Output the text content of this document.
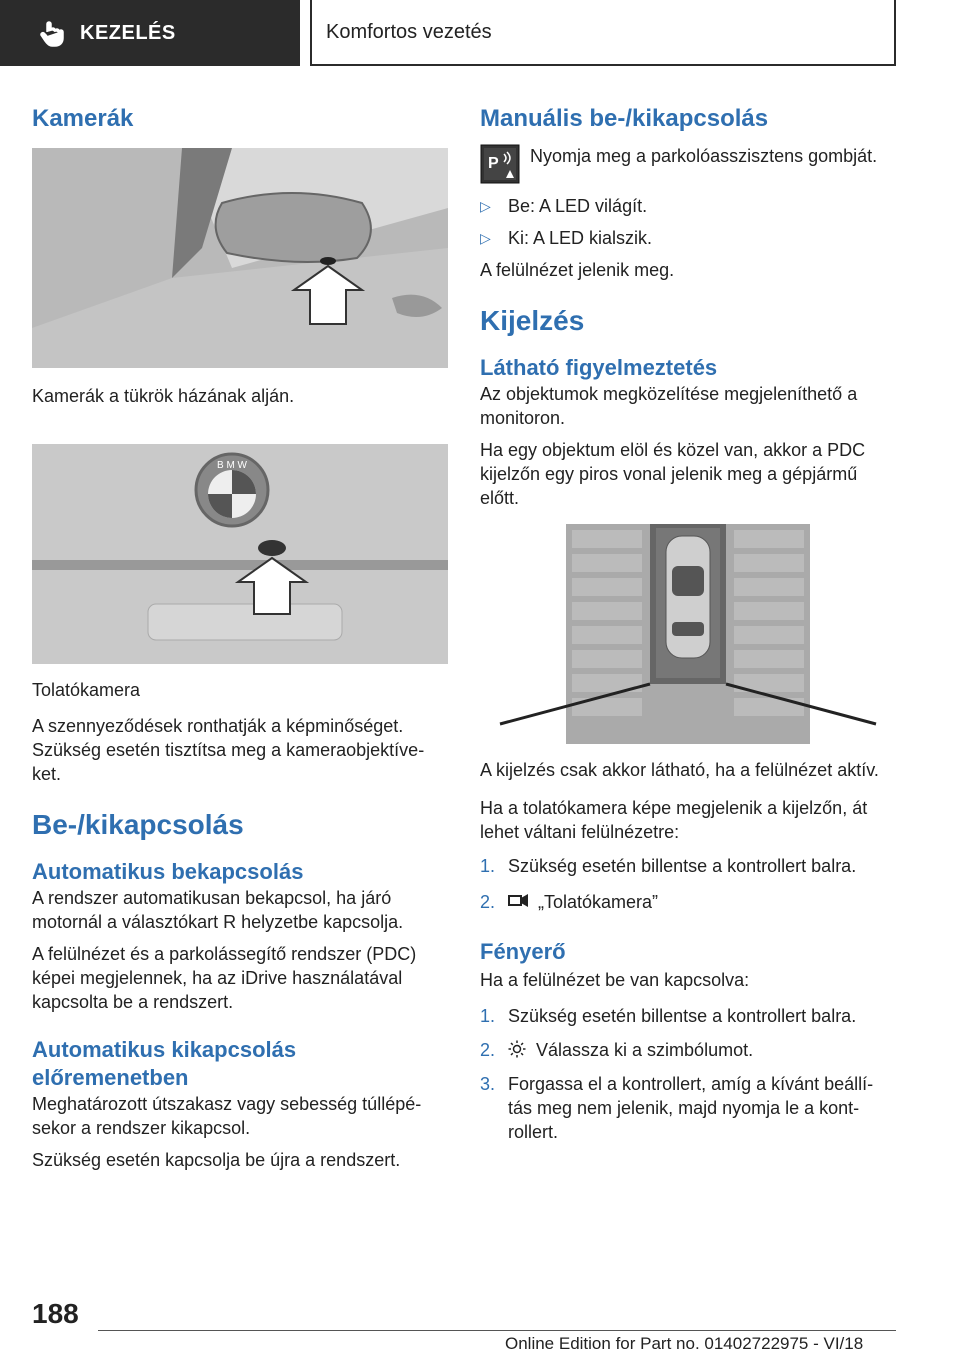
KEZELÉS	Komfortos vezetés
Kamerák

Kamerák a tükrök házának alján.

B M W

Tolatókamera

A szennyeződések ronthatják a képminőséget. Szükség esetén tisztítsa meg a kameraobjektíve-ket.

Be-/kikapcsolás
Automatikus bekapcsolás

A rendszer automatikusan bekapcsol, ha járó motornál a választókart R helyzetbe kapcsolja.

A felülnézet és a parkolássegítő rendszer (PDC) képei megjelennek, ha az iDrive használatával kapcsolta be a rendszert.

Automatikus kikapcsolás előremenetben

Meghatározott útszakasz vagy sebesség túllépé-sekor a rendszer kikapcsol.

Szükség esetén kapcsolja be újra a rendszert.

Manuális be-/kikapcsolás
P Nyomja meg a parkolóasszisztens gombját.

▷ Be: A LED világít.
▷ Ki: A LED kialszik.

A felülnézet jelenik meg.

Kijelzés
Látható figyelmeztetés

Az objektumok megközelítése megjeleníthető a monitoron.

Ha egy objektum elöl és közel van, akkor a PDC kijelzőn egy piros vonal jelenik meg a gépjármű előtt.

A kijelzés csak akkor látható, ha a felülnézet aktív.

Ha a tolatókamera képe megjelenik a kijelzőn, át lehet váltani felülnézetre:

1. Szükség esetén billentse a kontrollert balra.
2. „Tolatókamera”
Fényerő

Ha a felülnézet be van kapcsolva:

1. Szükség esetén billentse a kontrollert balra.
2. Válassza ki a szimbólumot.
3. Forgassa el a kontrollert, amíg a kívánt beállí-tás meg nem jelenik, majd nyomja le a kont-rollert.
188
Online Edition for Part no. 01402722975 - VI/18
